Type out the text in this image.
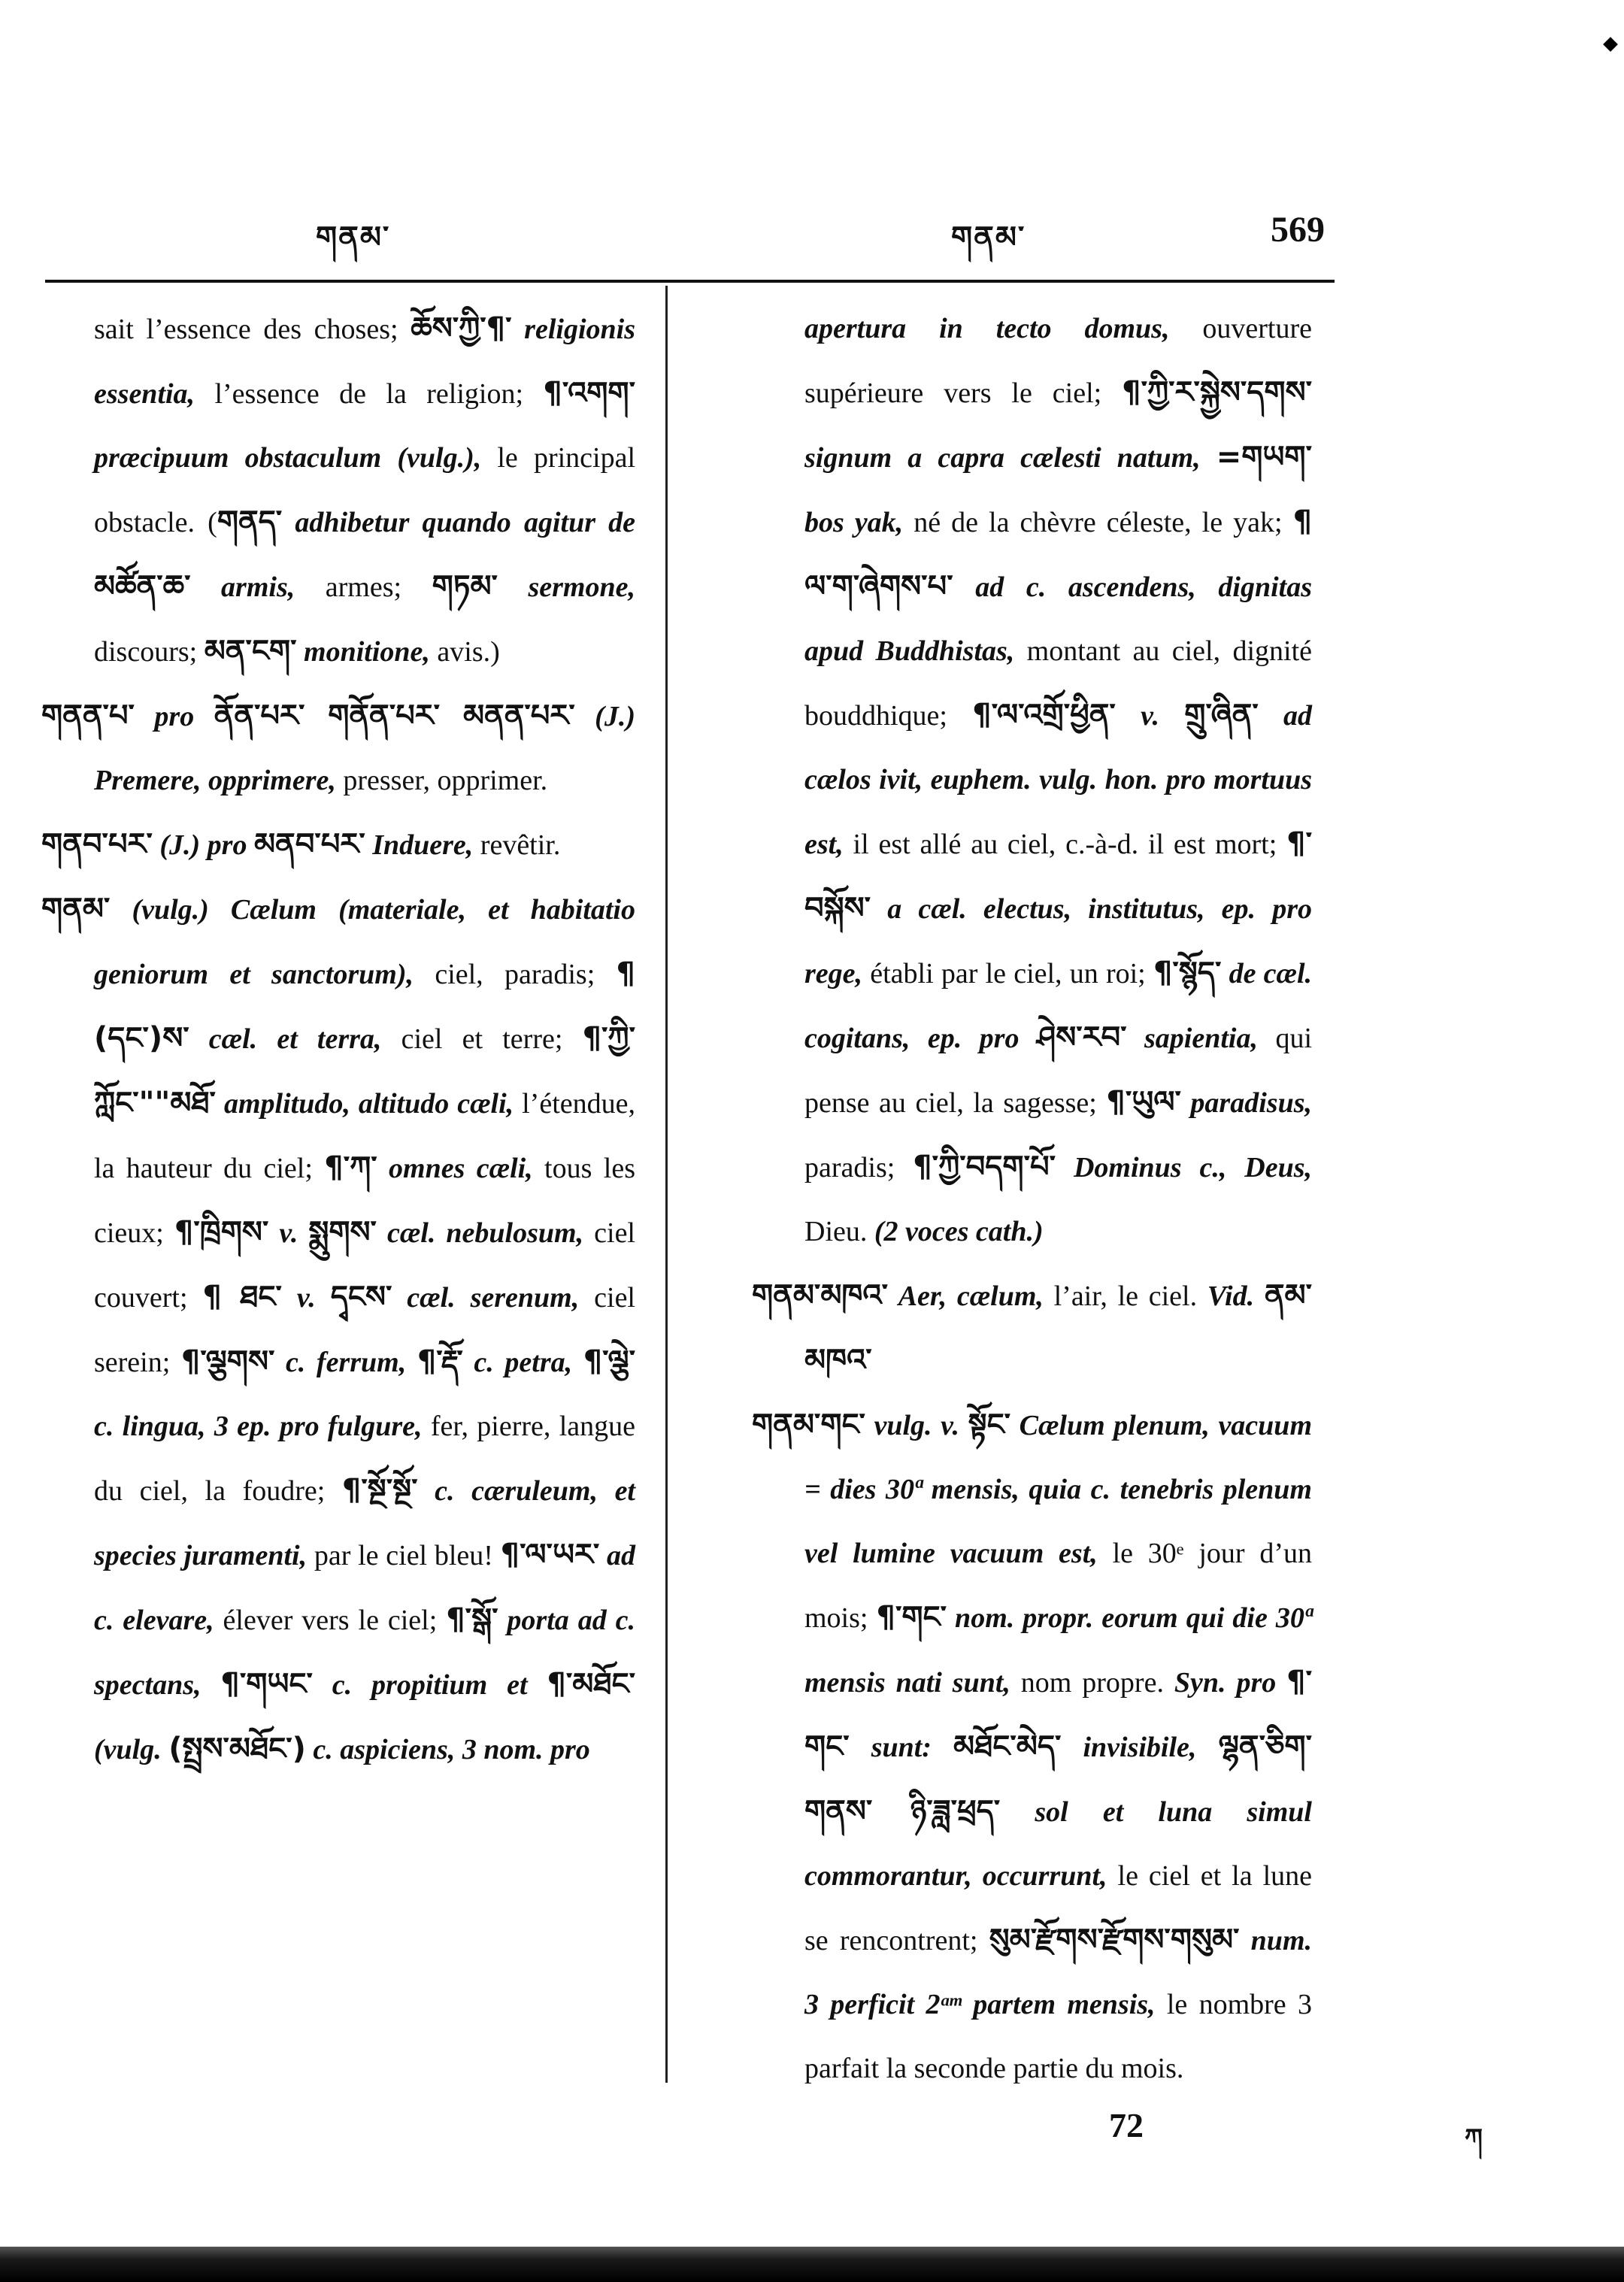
གནམ་	གནམ་	569

sait l’essence des choses; ཆོས་ཀྱི་¶་ religionis essentia, l’essence de la religion; ¶་འགག་ præcipuum obstaculum (vulg.), le principal obstacle. (གནད་ adhibetur quando agitur de མཚོན་ཆ་ armis, armes; གཏམ་ sermone, discours; མན་ངག་ monitione, avis.)

གནན་པ་ pro ནོན་པར་ གནོན་པར་ མནན་པར་ (J.) Premere, opprimere, presser, opprimer.

གནབ་པར་ (J.) pro མནབ་པར་ Induere, revêtir.

གནམ་ (vulg.) Cælum (materiale, et habitatio geniorum et sanctorum), ciel, paradis; ¶ (དང་)ས་ cæl. et terra, ciel et terre; ¶་ཀྱི་ཀློང་""མཐོ་ amplitudo, altitudo cæli, l’étendue, la hauteur du ciel; ¶་ཀ་ omnes cæli, tous les cieux; ¶་ཁྲིགས་ v. སྨུགས་ cæl. nebulosum, ciel couvert; ¶ ཐང་ v. དྭངས་ cæl. serenum, ciel serein; ¶་ལྕགས་ c. ferrum, ¶་རྡོ་ c. petra, ¶་ལྕེ་ c. lingua, 3 ep. pro fulgure, fer, pierre, langue du ciel, la foudre; ¶་སྔོ་སྔོ་ c. cæruleum, et species juramenti, par le ciel bleu! ¶་ལ་ཡར་ ad c. elevare, élever vers le ciel; ¶་སྒོ་ porta ad c. spectans, ¶་གཡང་ c. propitium et ¶་མཐོང་ (vulg. (སྤྲས་མཐོང་) c. aspiciens, 3 nom. pro

apertura in tecto domus, ouverture supérieure vers le ciel; ¶་ཀྱི་ར་སྐྱེས་དགས་ signum a capra cælesti natum, =གཡག་ bos yak, né de la chèvre céleste, le yak; ¶ ལ་ག་ཞེགས་པ་ ad c. ascendens, dignitas apud Buddhistas, montant au ciel, dignité bouddhique; ¶་ལ་འགྲོ་ཕྱིན་ v. གྲུ་ཞིན་ ad cælos ivit, euphem. vulg. hon. pro mortuus est, il est allé au ciel, c.-à-d. il est mort; ¶་བསྐོས་ a cæl. electus, institutus, ep. pro rege, établi par le ciel, un roi; ¶་སྙོད་ de cæl. cogitans, ep. pro ཤེས་རབ་ sapientia, qui pense au ciel, la sagesse; ¶་ཡུལ་ paradisus, paradis; ¶་ཀྱི་བདག་པོ་ Dominus c., Deus, Dieu. (2 voces cath.)

གནམ་མཁའ་ Aer, cælum, l’air, le ciel. Vid. ནམ་མཁའ་

གནམ་གང་ vulg. v. སྟོང་ Cælum plenum, vacuum = dies 30ª mensis, quia c. tenebris plenum vel lumine vacuum est, le 30ᵉ jour d’un mois; ¶་གང་ nom. propr. eorum qui die 30ª mensis nati sunt, nom propre. Syn. pro ¶་གང་ sunt: མཐོང་མེད་ invisibile, ལྷན་ཅིག་གནས་ ཉི་ཟླ་ཕྲད་ sol et luna simul commorantur, occurrunt, le ciel et la lune se rencontrent; སུམ་རྫོགས་རྫོགས་གསུམ་ num. 3 perficit 2ᵃᵐ partem mensis, le nombre 3 parfait la seconde partie du mois.

72	ཀ
